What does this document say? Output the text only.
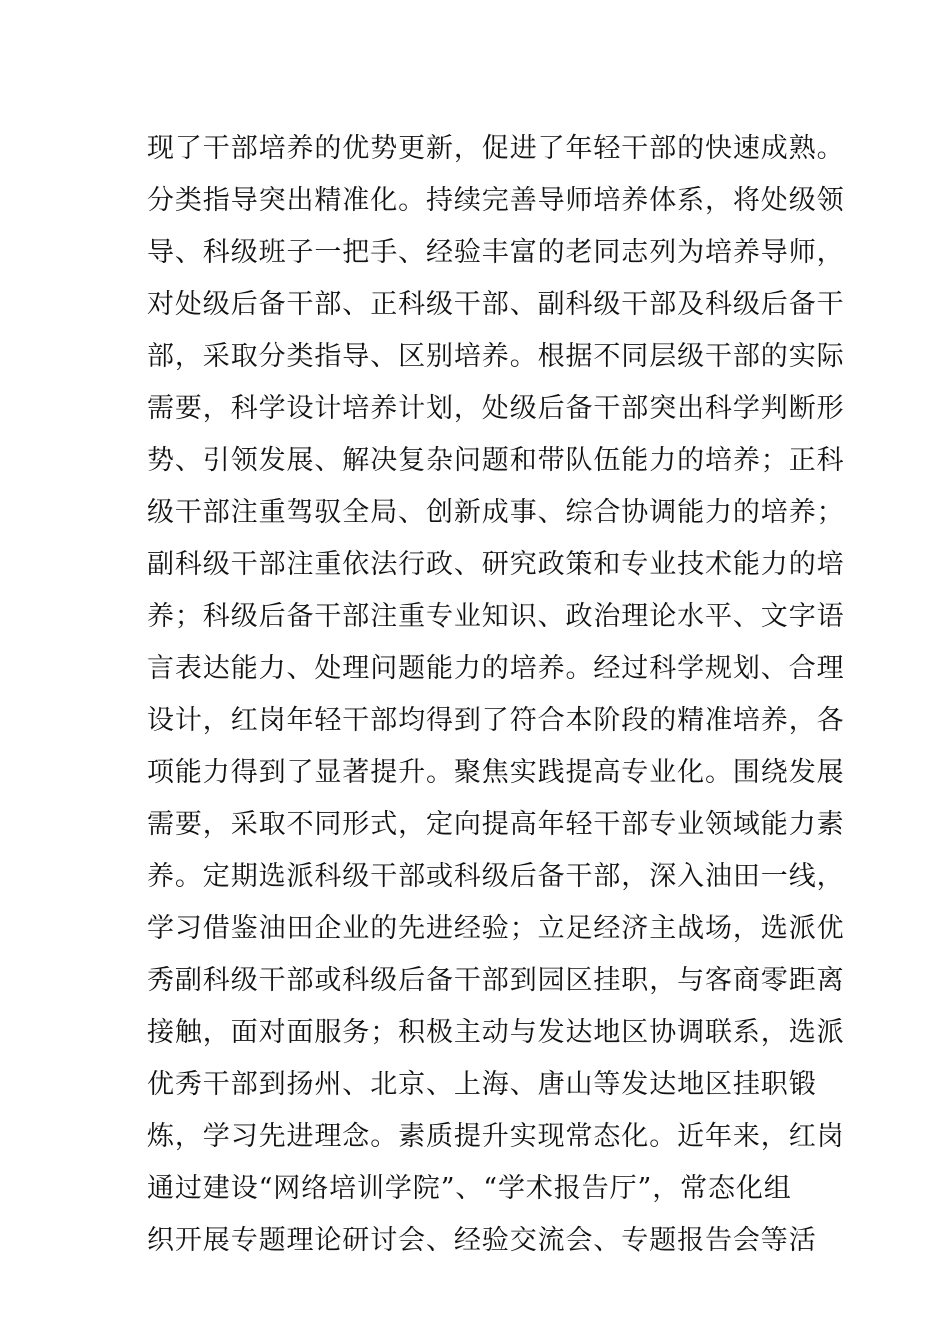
现了干部培养的优势更新，促进了年轻干部的快速成熟。
分类指导突出精准化。持续完善导师培养体系，将处级领
导、科级班子一把手、经验丰富的老同志列为培养导师，
对处级后备干部、正科级干部、副科级干部及科级后备干
部，采取分类指导、区别培养。根据不同层级干部的实际
需要，科学设计培养计划，处级后备干部突出科学判断形
势、引领发展、解决复杂问题和带队伍能力的培养；正科
级干部注重驾驭全局、创新成事、综合协调能力的培养；
副科级干部注重依法行政、研究政策和专业技术能力的培
养；科级后备干部注重专业知识、政治理论水平、文字语
言表达能力、处理问题能力的培养。经过科学规划、合理
设计，红岗年轻干部均得到了符合本阶段的精准培养，各
项能力得到了显著提升。聚焦实践提高专业化。围绕发展
需要，采取不同形式，定向提高年轻干部专业领域能力素
养。定期选派科级干部或科级后备干部，深入油田一线，
学习借鉴油田企业的先进经验；立足经济主战场，选派优
秀副科级干部或科级后备干部到园区挂职，与客商零距离
接触，面对面服务；积极主动与发达地区协调联系，选派
优秀干部到扬州、北京、上海、唐山等发达地区挂职锻
炼，学习先进理念。素质提升实现常态化。近年来，红岗
通过建设“网络培训学院”、“学术报告厅”，常态化组
织开展专题理论研讨会、经验交流会、专题报告会等活
